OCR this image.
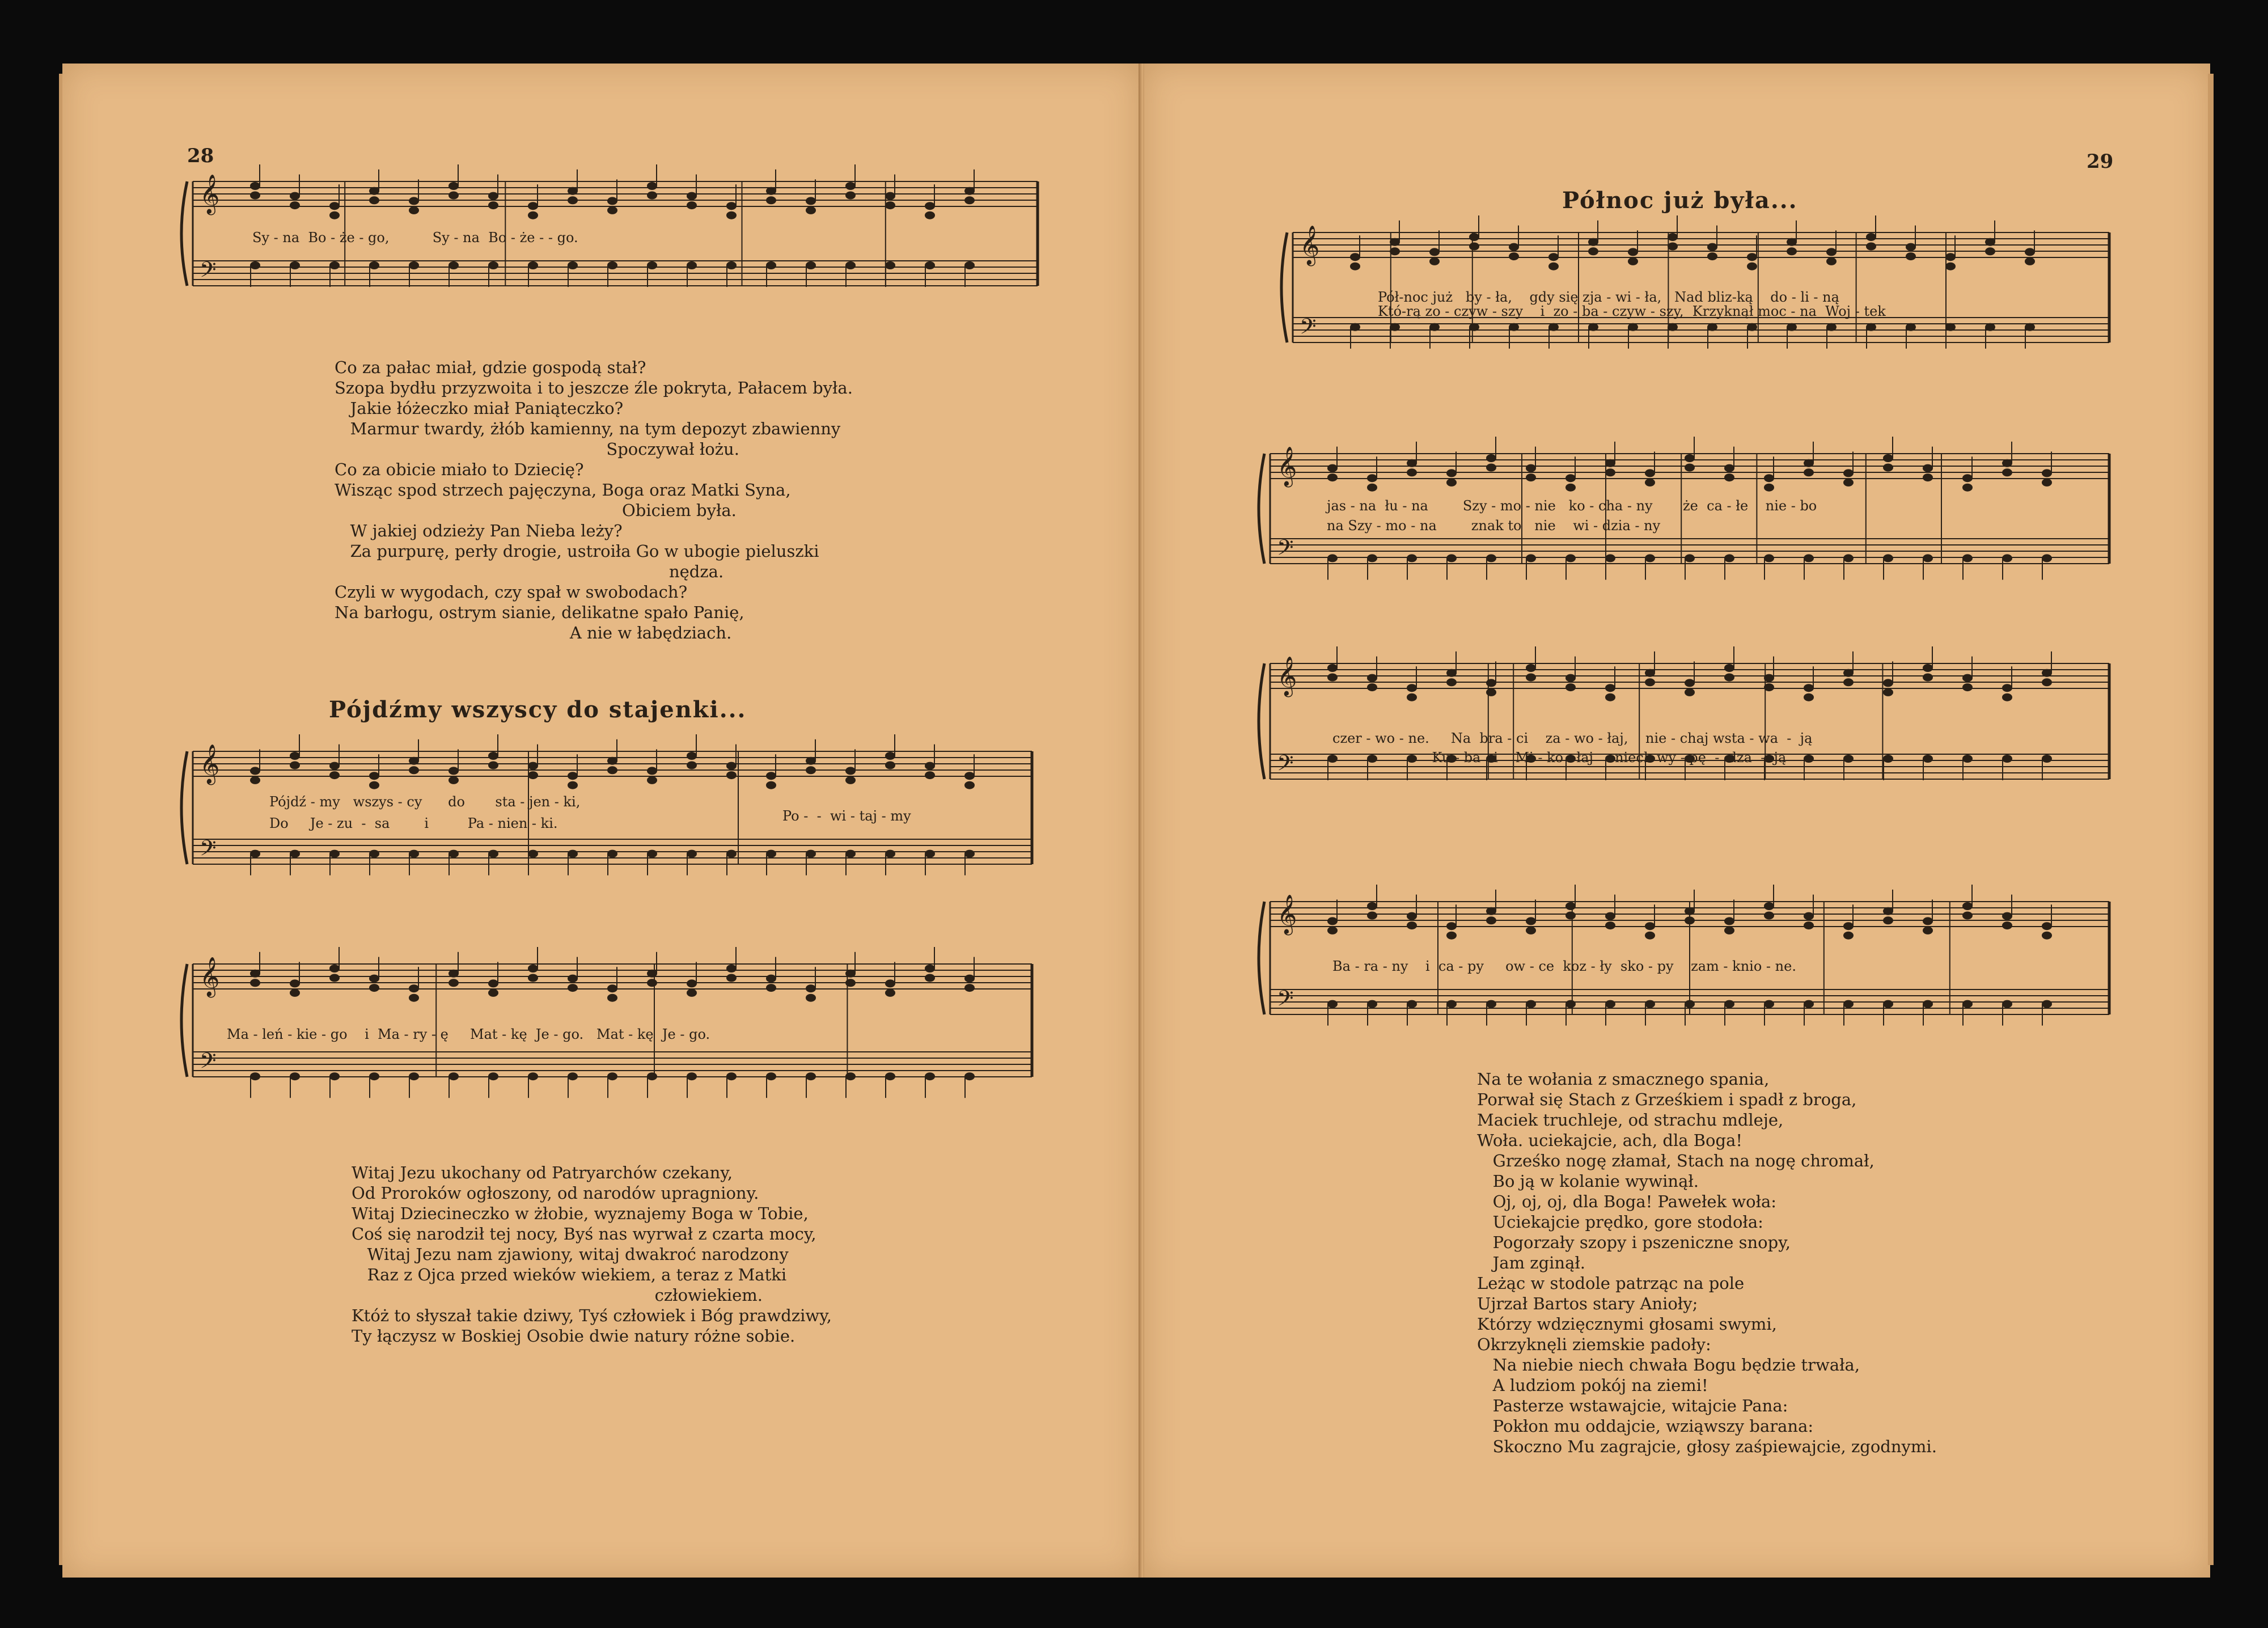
28
𝄞
𝄢
Sy - na  Bo - że - go,          Sy - na  Bo - że - - go.
Co za pałac miał, gdzie gospodą stał?
Szopa bydłu przyzwoita i to jeszcze źle pokryta, Pałacem była.
Jakie łóżeczko miał Paniąteczko?
Marmur twardy, żłób kamienny, na tym depozyt zbawienny
Spoczywał łożu.
Co za obicie miało to Dziecię?
Wisząc spod strzech pajęczyna, Boga oraz Matki Syna,
Obiciem była.
W jakiej odzieży Pan Nieba leży?
Za purpurę, perły drogie, ustroiła Go w ubogie pieluszki
nędza.
Czyli w wygodach, czy spał w swobodach?
Na barłogu, ostrym sianie, delikatne spało Panię,
A nie w łabędziach.
Pójdźmy wszyscy do stajenki...
𝄞
𝄢
Pójdź - my   wszys - cy      do       sta - jen - ki,
Do     Je - zu  -  sa        i         Pa - nien - ki.	Po -  -  wi - taj - my
𝄞
𝄢
Ma - leń - kie - go    i  Ma - ry - ę     Mat - kę  Je - go.   Mat - kę  Je - go.
Witaj Jezu ukochany od Patryarchów czekany,
Od Proroków ogłoszony, od narodów upragniony.
Witaj Dziecineczko w żłobie, wyznajemy Boga w Tobie,
Coś się narodził tej nocy, Byś nas wyrwał z czarta mocy,
Witaj Jezu nam zjawiony, witaj dwakroć narodzony
Raz z Ojca przed wieków wiekiem, a teraz z Matki
człowiekiem.
Któż to słyszał takie dziwy, Tyś człowiek i Bóg prawdziwy,
Ty łączysz w Boskiej Osobie dwie natury różne sobie.
29
Północ już była...
𝄞
𝄢
Pół-noc już   by - ła,    gdy się zja - wi - ła,   Nad bliz-ką    do - li - ną
Któ-rą zo - czyw - szy    i  zo - ba - czyw - szy,  Krzyknął moc - na  Woj - tek
𝄞
𝄢
jas - na  łu - na        Szy - mo - nie   ko - cha - ny       że  ca - łe    nie - bo
na Szy - mo - na        znak to   nie    wi - dzia - ny
𝄞
𝄢
czer - wo - ne.     Na  bra - ci    za - wo - łaj,    nie - chaj wsta - wa  -  ją
Ku - ba   i    Mi - ko - łaj     niech wy - pę  -  dza  -  ją
𝄞
𝄢
Ba - ra - ny    i  ca - py     ow - ce  koz - ły  sko - py    zam - knio - ne.
Na te wołania z smacznego spania,
Porwał się Stach z Grześkiem i spadł z broga,
Maciek truchleje, od strachu mdleje,
Woła. uciekajcie, ach, dla Boga!
Grześko nogę złamał, Stach na nogę chromał,
Bo ją w kolanie wywinął.
Oj, oj, oj, dla Boga! Pawełek woła:
Uciekajcie prędko, gore stodoła:
Pogorzały szopy i pszeniczne snopy,
Jam zginął.
Leżąc w stodole patrząc na pole
Ujrzał Bartos stary Anioły;
Którzy wdzięcznymi głosami swymi,
Okrzyknęli ziemskie padoły:
Na niebie niech chwała Bogu będzie trwała,
A ludziom pokój na ziemi!
Pasterze wstawajcie, witajcie Pana:
Pokłon mu oddajcie, wziąwszy barana:
Skoczno Mu zagrajcie, głosy zaśpiewajcie, zgodnymi.
